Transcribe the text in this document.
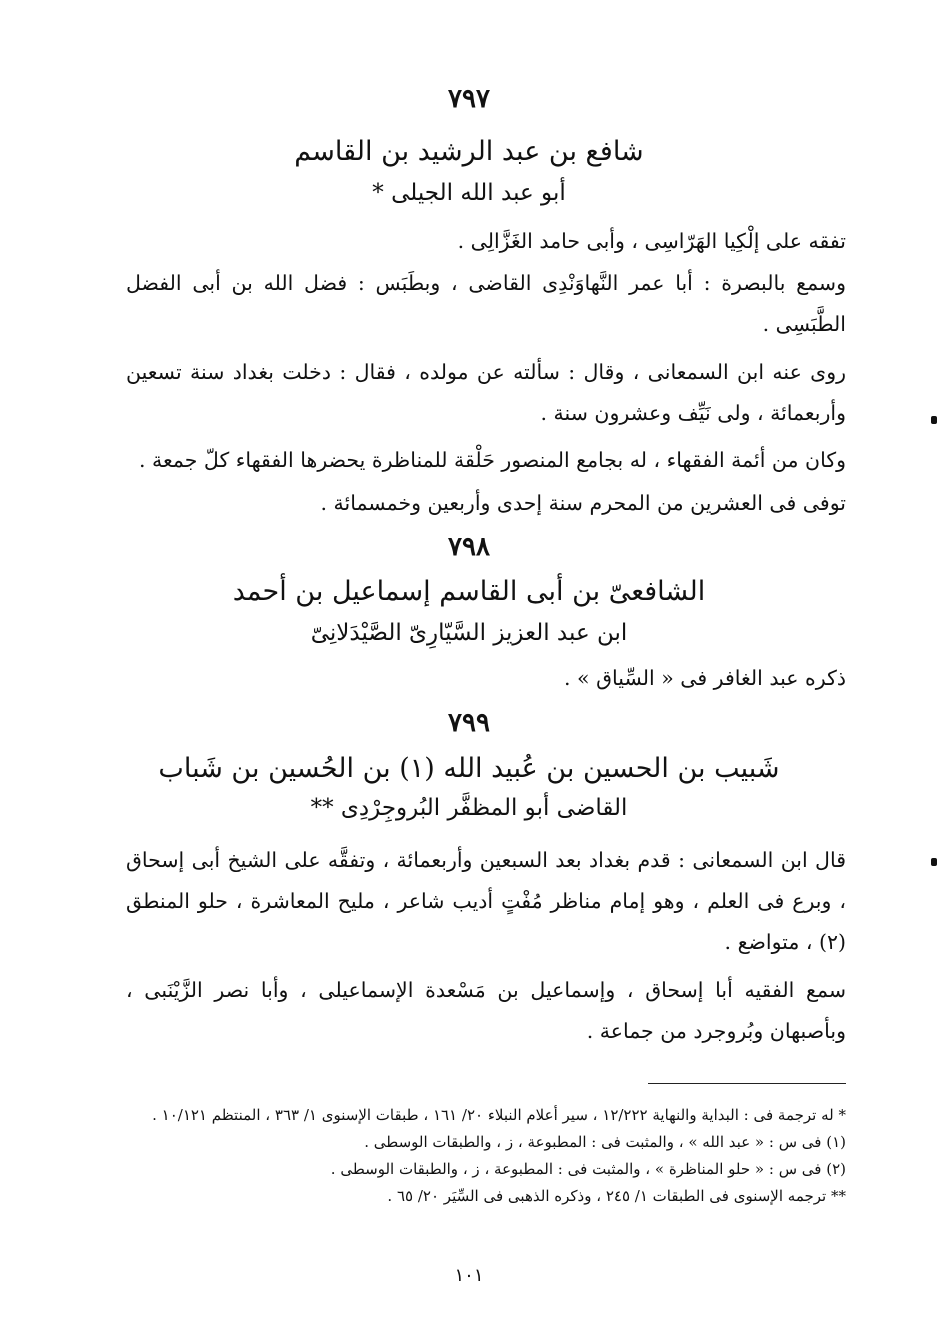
٧٩٧
شافع بن عبد الرشيد بن القاسم
أبو عبد الله الجيلى *

تفقه على إلْكِيا الهَرّاسِى ، وأبى حامد الغَزَّالِى .

وسمع بالبصرة : أبا عمر النَّهاوَنْدِى القاضى ، وبطَبَس : فضل الله بن أبى الفضل الطَّبَسِى .

روى عنه ابن السمعانى ، وقال : سألته عن مولده ، فقال : دخلت بغداد سنة تسعين وأربعمائة ، ولى نَيِّف وعشرون سنة .

وكان من أئمة الفقهاء ، له بجامع المنصور حَلْقة للمناظرة يحضرها الفقهاء كلّ جمعة .

توفى فى العشرين من المحرم سنة إحدى وأربعين وخمسمائة .

٧٩٨
الشافعىّ بن أبى القاسم إسماعيل بن أحمد
ابن عبد العزيز السَّيّارِىّ الصَّيْدَلانِىّ

ذكره عبد الغافر فى « السِّياق » .

٧٩٩
شَبيب بن الحسين بن عُبيد الله (١) بن الحُسين بن شَباب
القاضى أبو المظفَّر البُروجِرْدِى **

قال ابن السمعانى : قدم بغداد بعد السبعين وأربعمائة ، وتفقَّه على الشيخ أبى إسحاق ، وبرع فى العلم ، وهو إمام مناظر مُفْتٍ أديب شاعر ، مليح المعاشرة ، حلو المنطق (٢) ، متواضع .

سمع الفقيه أبا إسحاق ، وإسماعيل بن مَسْعدة الإسماعيلى ، وأبا نصر الزَّيْنَبى ، وبأصبهان وبُروجرد من جماعة .

* له ترجمة فى : البداية والنهاية ١٢/٢٢٢ ، سير أعلام النبلاء ٢٠/ ١٦١ ، طبقات الإسنوى ١/ ٣٦٣ ، المنتظم ١٠/١٢١ .

(١) فى س : « عبد الله » ، والمثبت فى : المطبوعة ، ز ، والطبقات الوسطى .

(٢) فى س : « حلو المناظرة » ، والمثبت فى : المطبوعة ، ز ، والطبقات الوسطى .

** ترجمه الإسنوى فى الطبقات ١/ ٢٤٥ ، وذكره الذهبى فى السِّيَر ٢٠/ ٦٥ .

١٠١
